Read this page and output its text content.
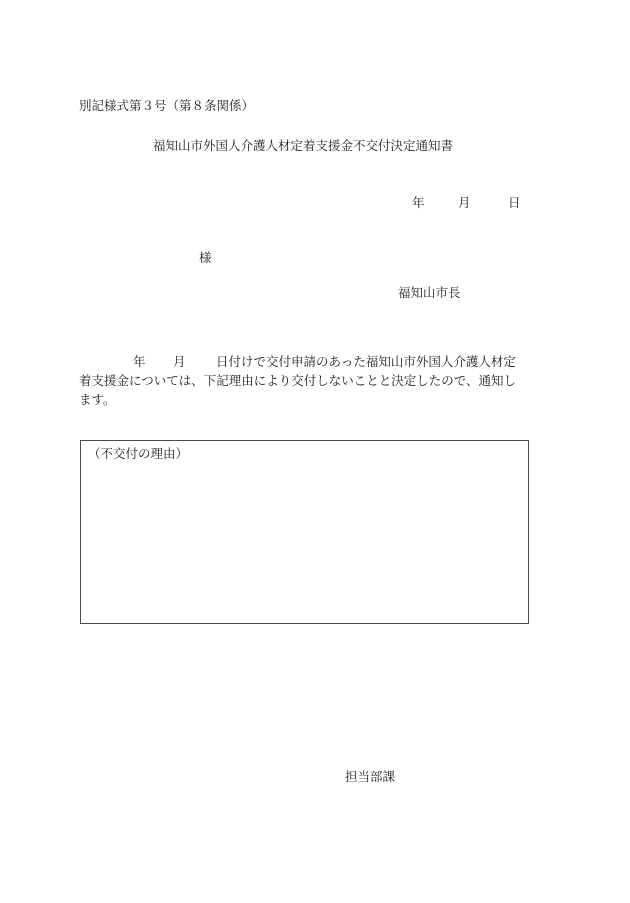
別記様式第３号（第８条関係）
福知山市外国人介護人材定着支援金不交付決定通知書
年	月	日
様
福知山市長
年 月 日付けで交付申請のあった福知山市外国人介護人材定
着支援金については、下記理由により交付しないことと決定したので、通知し
ます。
（不交付の理由）
担当部課
